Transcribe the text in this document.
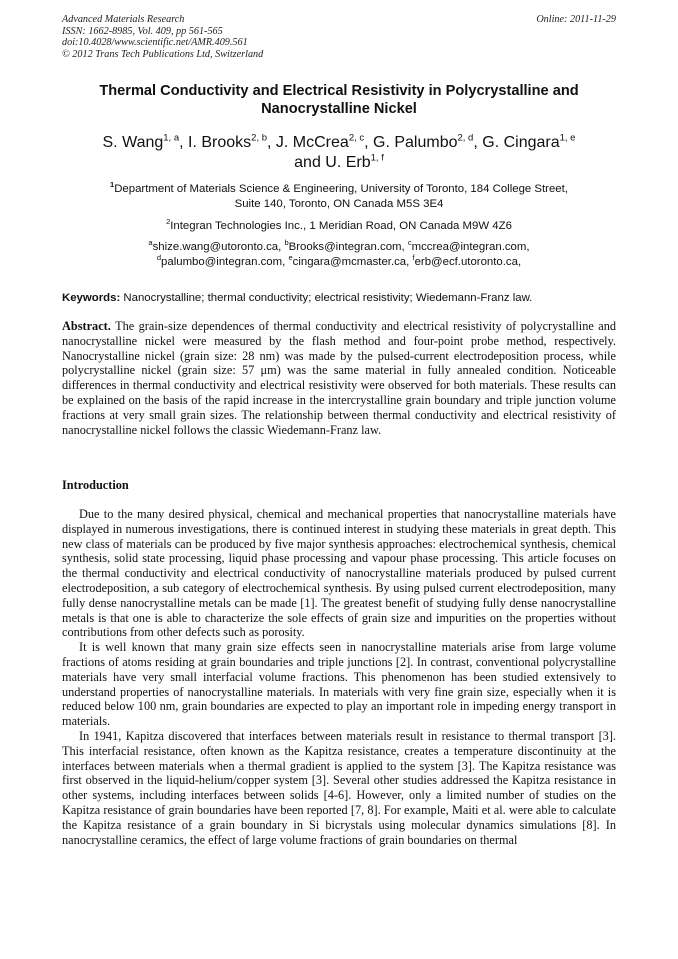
Advanced Materials Research
ISSN: 1662-8985, Vol. 409, pp 561-565
doi:10.4028/www.scientific.net/AMR.409.561
© 2012 Trans Tech Publications Ltd, Switzerland
Online: 2011-11-29
Thermal Conductivity and Electrical Resistivity in Polycrystalline and Nanocrystalline Nickel
S. Wang$^{1, a}$, I. Brooks$^{2, b}$, J. McCrea$^{2, c}$, G. Palumbo$^{2, d}$, G. Cingara$^{1, e}$
and U. Erb$^{1, f}$
$^1$Department of Materials Science & Engineering, University of Toronto, 184 College Street,
Suite 140, Toronto, ON Canada M5S 3E4
$^2$Integran Technologies Inc., 1 Meridian Road, ON Canada M9W 4Z6
$^a$shize.wang@utoronto.ca, $^b$Brooks@integran.com, $^c$mccrea@integran.com,
$^d$palumbo@integran.com, $^e$cingara@mcmaster.ca, $^f$erb@ecf.utoronto.ca,
Keywords: Nanocrystalline; thermal conductivity; electrical resistivity; Wiedemann-Franz law.
Abstract. The grain-size dependences of thermal conductivity and electrical resistivity of polycrystalline and nanocrystalline nickel were measured by the flash method and four-point probe method, respectively. Nanocrystalline nickel (grain size: 28 nm) was made by the pulsed-current electrodeposition process, while polycrystalline nickel (grain size: 57 μm) was the same material in fully annealed condition. Noticeable differences in thermal conductivity and electrical resistivity were observed for both materials. These results can be explained on the basis of the rapid increase in the intercrystalline grain boundary and triple junction volume fractions at very small grain sizes. The relationship between thermal conductivity and electrical resistivity of nanocrystalline nickel follows the classic Wiedemann-Franz law.
Introduction

Due to the many desired physical, chemical and mechanical properties that nanocrystalline materials have displayed in numerous investigations, there is continued interest in studying these materials in great depth. This new class of materials can be produced by five major synthesis approaches: electrochemical synthesis, chemical synthesis, solid state processing, liquid phase processing and vapour phase processing. This article focuses on the thermal conductivity and electrical conductivity of nanocrystalline materials produced by pulsed current electrodeposition, a sub category of electrochemical synthesis. By using pulsed current electrodeposition, many fully dense nanocrystalline metals can be made [1]. The greatest benefit of studying fully dense nanocrystalline metals is that one is able to characterize the sole effects of grain size and impurities on the properties without contributions from other defects such as porosity.

It is well known that many grain size effects seen in nanocrystalline materials arise from large volume fractions of atoms residing at grain boundaries and triple junctions [2]. In contrast, conventional polycrystalline materials have very small interfacial volume fractions. This phenomenon has been studied extensively to understand properties of nanocrystalline materials. In materials with very fine grain size, especially when it is reduced below 100 nm, grain boundaries are expected to play an important role in impeding energy transport in materials.

In 1941, Kapitza discovered that interfaces between materials result in resistance to thermal transport [3]. This interfacial resistance, often known as the Kapitza resistance, creates a temperature discontinuity at the interfaces between materials when a thermal gradient is applied to the system [3]. The Kapitza resistance was first observed in the liquid-helium/copper system [3]. Several other studies addressed the Kapitza resistance in other systems, including interfaces between solids [4-6]. However, only a limited number of studies on the Kapitza resistance of grain boundaries have been reported [7, 8]. For example, Maiti et al. were able to calculate the Kapitza resistance of a grain boundary in Si bicrystals using molecular dynamics simulations [8]. In nanocrystalline ceramics, the effect of large volume fractions of grain boundaries on thermal
